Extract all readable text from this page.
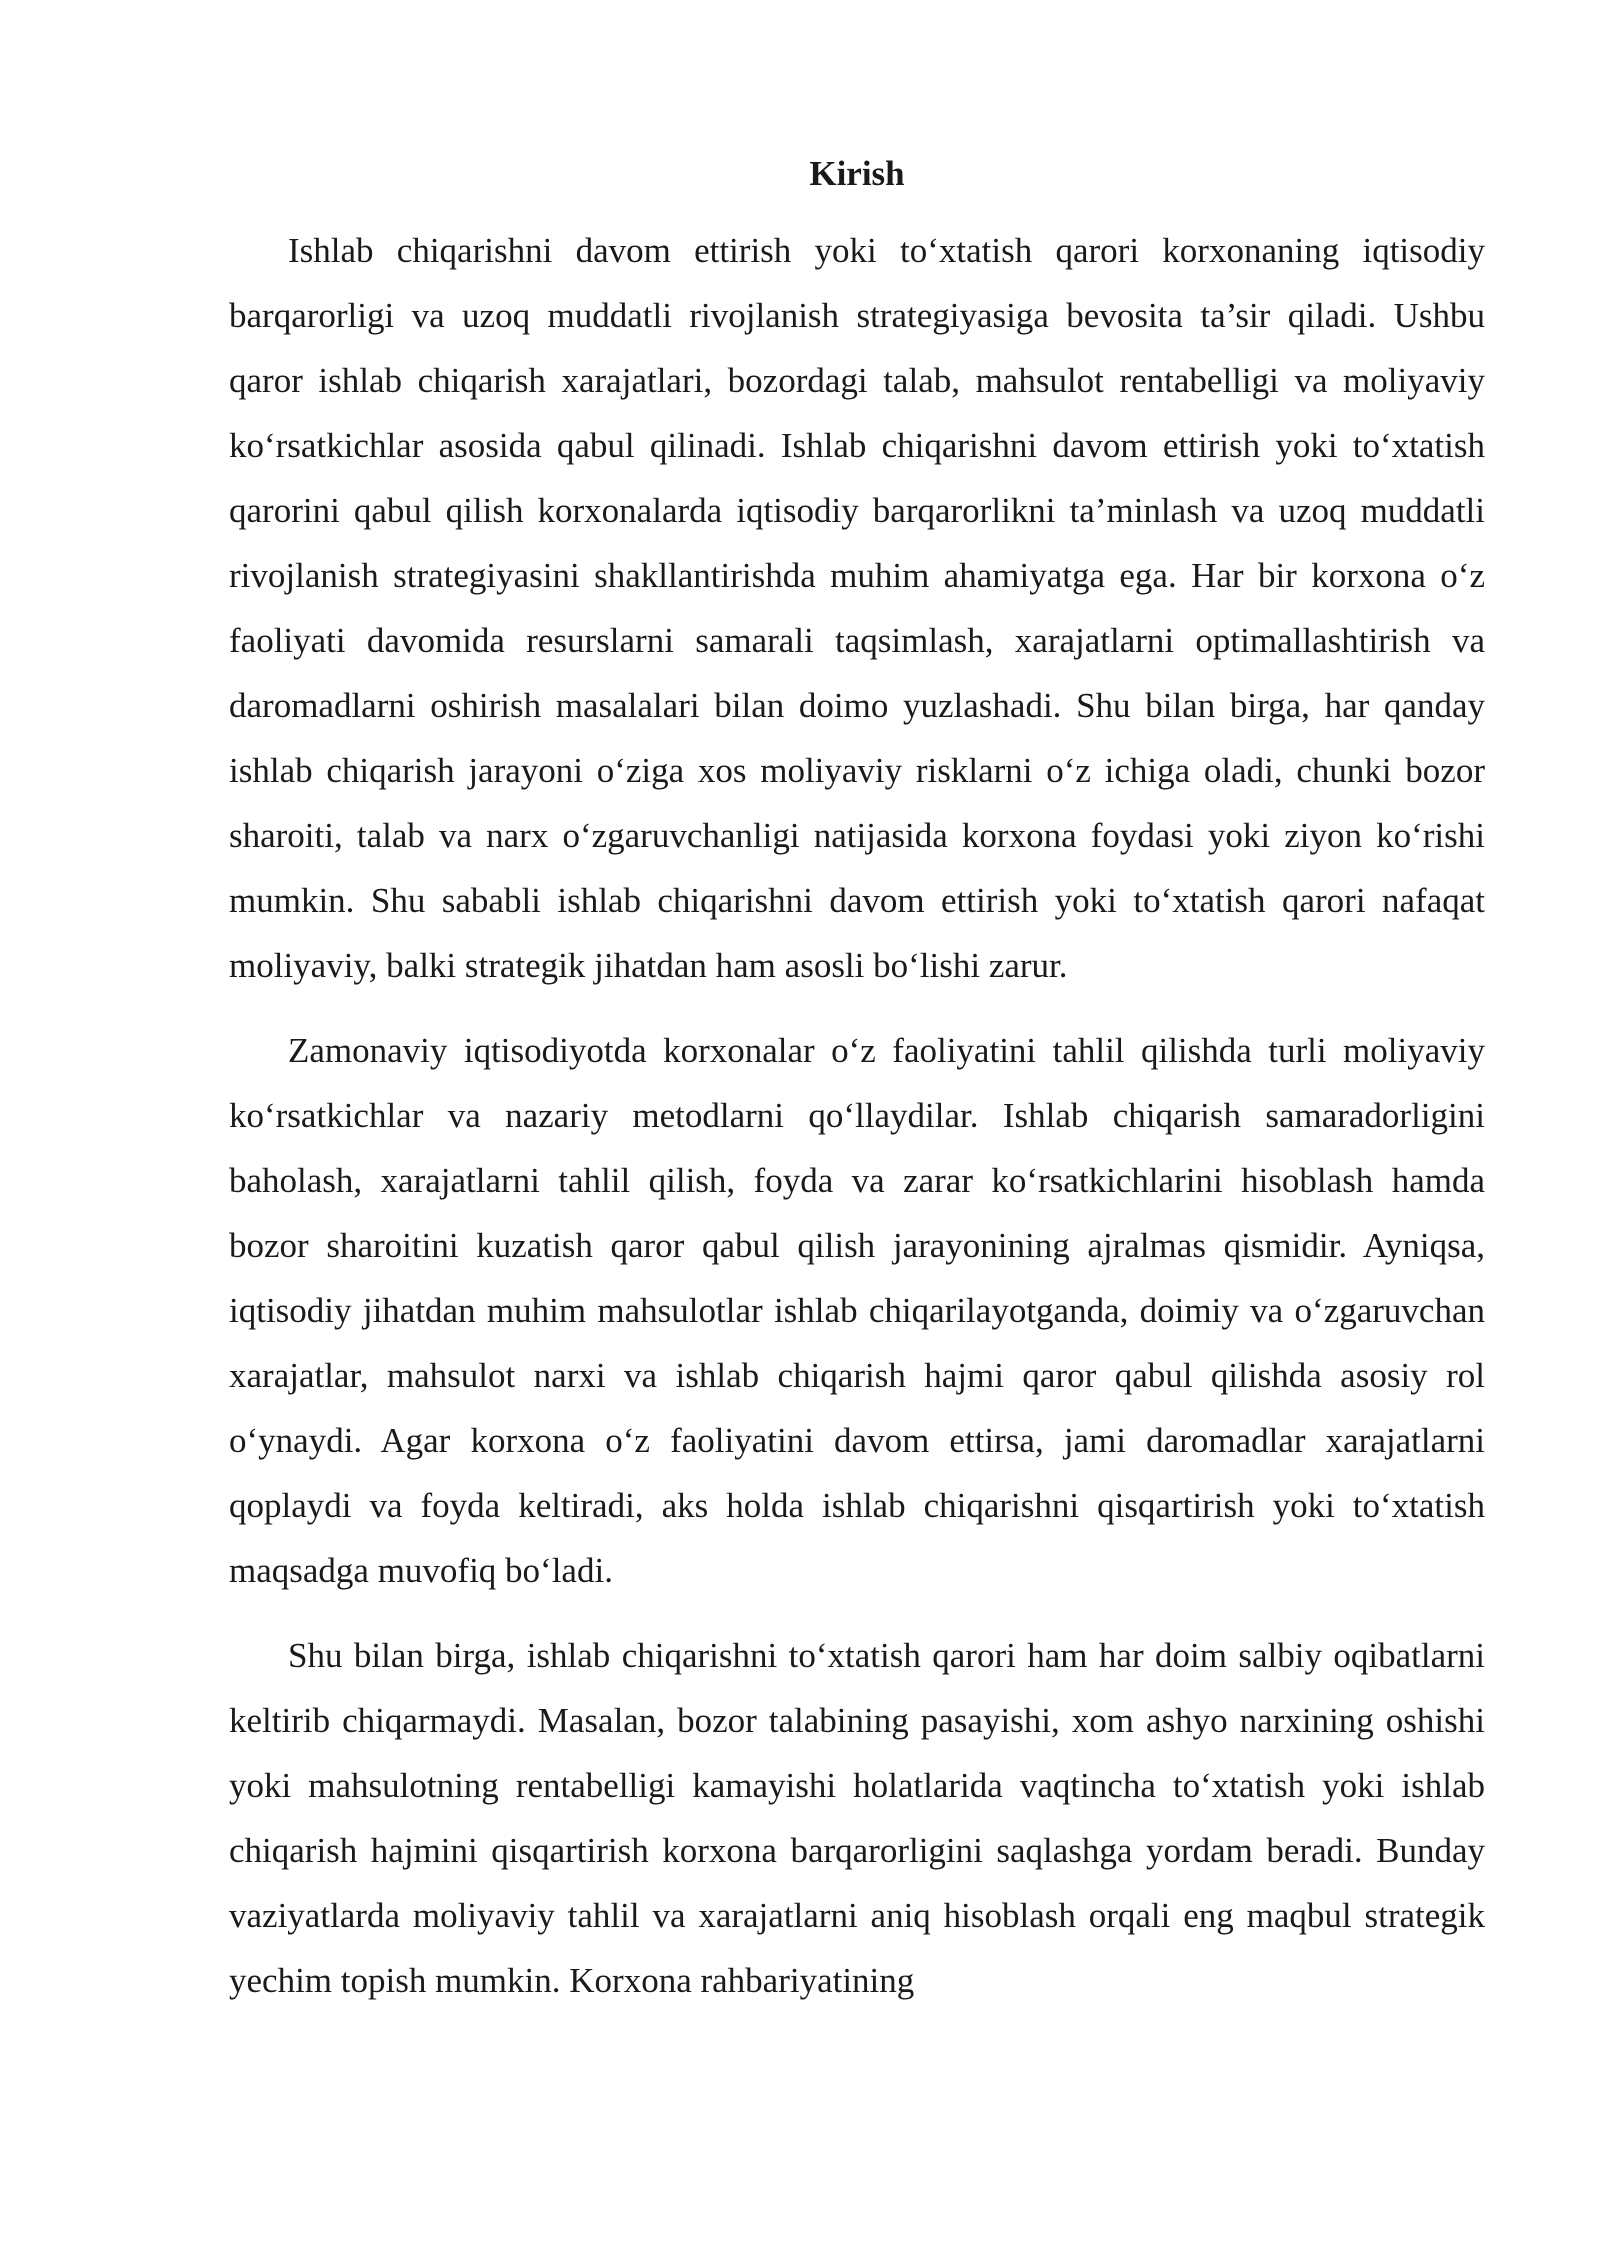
Kirish

Ishlab chiqarishni davom ettirish yoki to‘xtatish qarori korxonaning iqtisodiy barqarorligi va uzoq muddatli rivojlanish strategiyasiga bevosita ta’sir qiladi. Ushbu qaror ishlab chiqarish xarajatlari, bozordagi talab, mahsulot rentabelligi va moliyaviy ko‘rsatkichlar asosida qabul qilinadi. Ishlab chiqarishni davom ettirish yoki to‘xtatish qarorini qabul qilish korxonalarda iqtisodiy barqarorlikni ta’minlash va uzoq muddatli rivojlanish strategiyasini shakllantirishda muhim ahamiyatga ega. Har bir korxona o‘z faoliyati davomida resurslarni samarali taqsimlash, xarajatlarni optimallashtirish va daromadlarni oshirish masalalari bilan doimo yuzlashadi. Shu bilan birga, har qanday ishlab chiqarish jarayoni o‘ziga xos moliyaviy risklarni o‘z ichiga oladi, chunki bozor sharoiti, talab va narx o‘zgaruvchanligi natijasida korxona foydasi yoki ziyon ko‘rishi mumkin. Shu sababli ishlab chiqarishni davom ettirish yoki to‘xtatish qarori nafaqat moliyaviy, balki strategik jihatdan ham asosli bo‘lishi zarur.

Zamonaviy iqtisodiyotda korxonalar o‘z faoliyatini tahlil qilishda turli moliyaviy ko‘rsatkichlar va nazariy metodlarni qo‘llaydilar. Ishlab chiqarish samaradorligini baholash, xarajatlarni tahlil qilish, foyda va zarar ko‘rsatkichlarini hisoblash hamda bozor sharoitini kuzatish qaror qabul qilish jarayonining ajralmas qismidir. Ayniqsa, iqtisodiy jihatdan muhim mahsulotlar ishlab chiqarilayotganda, doimiy va o‘zgaruvchan xarajatlar, mahsulot narxi va ishlab chiqarish hajmi qaror qabul qilishda asosiy rol o‘ynaydi. Agar korxona o‘z faoliyatini davom ettirsa, jami daromadlar xarajatlarni qoplaydi va foyda keltiradi, aks holda ishlab chiqarishni qisqartirish yoki to‘xtatish maqsadga muvofiq bo‘ladi.

Shu bilan birga, ishlab chiqarishni to‘xtatish qarori ham har doim salbiy oqibatlarni keltirib chiqarmaydi. Masalan, bozor talabining pasayishi, xom ashyo narxining oshishi yoki mahsulotning rentabelligi kamayishi holatlarida vaqtincha to‘xtatish yoki ishlab chiqarish hajmini qisqartirish korxona barqarorligini saqlashga yordam beradi. Bunday vaziyatlarda moliyaviy tahlil va xarajatlarni aniq hisoblash orqali eng maqbul strategik yechim topish mumkin. Korxona rahbariyatining
